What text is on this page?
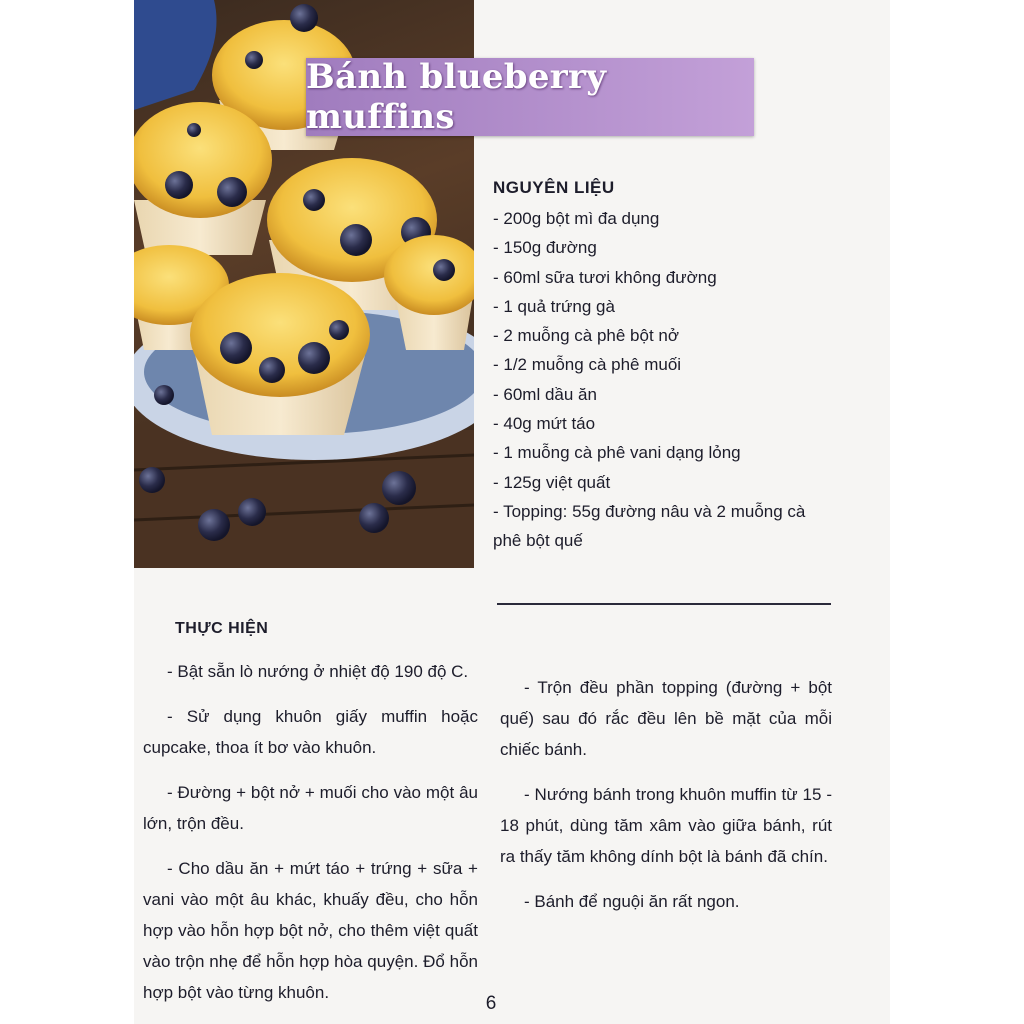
Bánh blueberry muffins
NGUYÊN LIỆU
- 200g bột mì đa dụng
- 150g đường
- 60ml sữa tươi không đường
- 1 quả trứng gà
- 2 muỗng cà phê bột nở
- 1/2 muỗng cà phê muối
- 60ml dầu ăn
- 40g mứt táo
- 1 muỗng cà phê vani dạng lỏng
- 125g việt quất
- Topping: 55g đường nâu và 2 muỗng cà phê bột quế
THỰC HIỆN

- Bật sẵn lò nướng ở nhiệt độ 190 độ C.

- Sử dụng khuôn giấy muffin hoặc cupcake, thoa ít bơ vào khuôn.

- Đường + bột nở + muối cho vào một âu lớn, trộn đều.

- Cho dầu ăn + mứt táo + trứng + sữa + vani vào một âu khác, khuấy đều, cho hỗn hợp vào hỗn hợp bột nở, cho thêm việt quất vào trộn nhẹ để hỗn hợp hòa quyện. Đổ hỗn hợp bột vào từng khuôn.

- Trộn đều phần topping (đường + bột quế) sau đó rắc đều lên bề mặt của mỗi chiếc bánh.

- Nướng bánh trong khuôn muffin từ 15 - 18 phút, dùng tăm xâm vào giữa bánh, rút ra thấy tăm không dính bột là bánh đã chín.

- Bánh để nguội ăn rất ngon.

6
